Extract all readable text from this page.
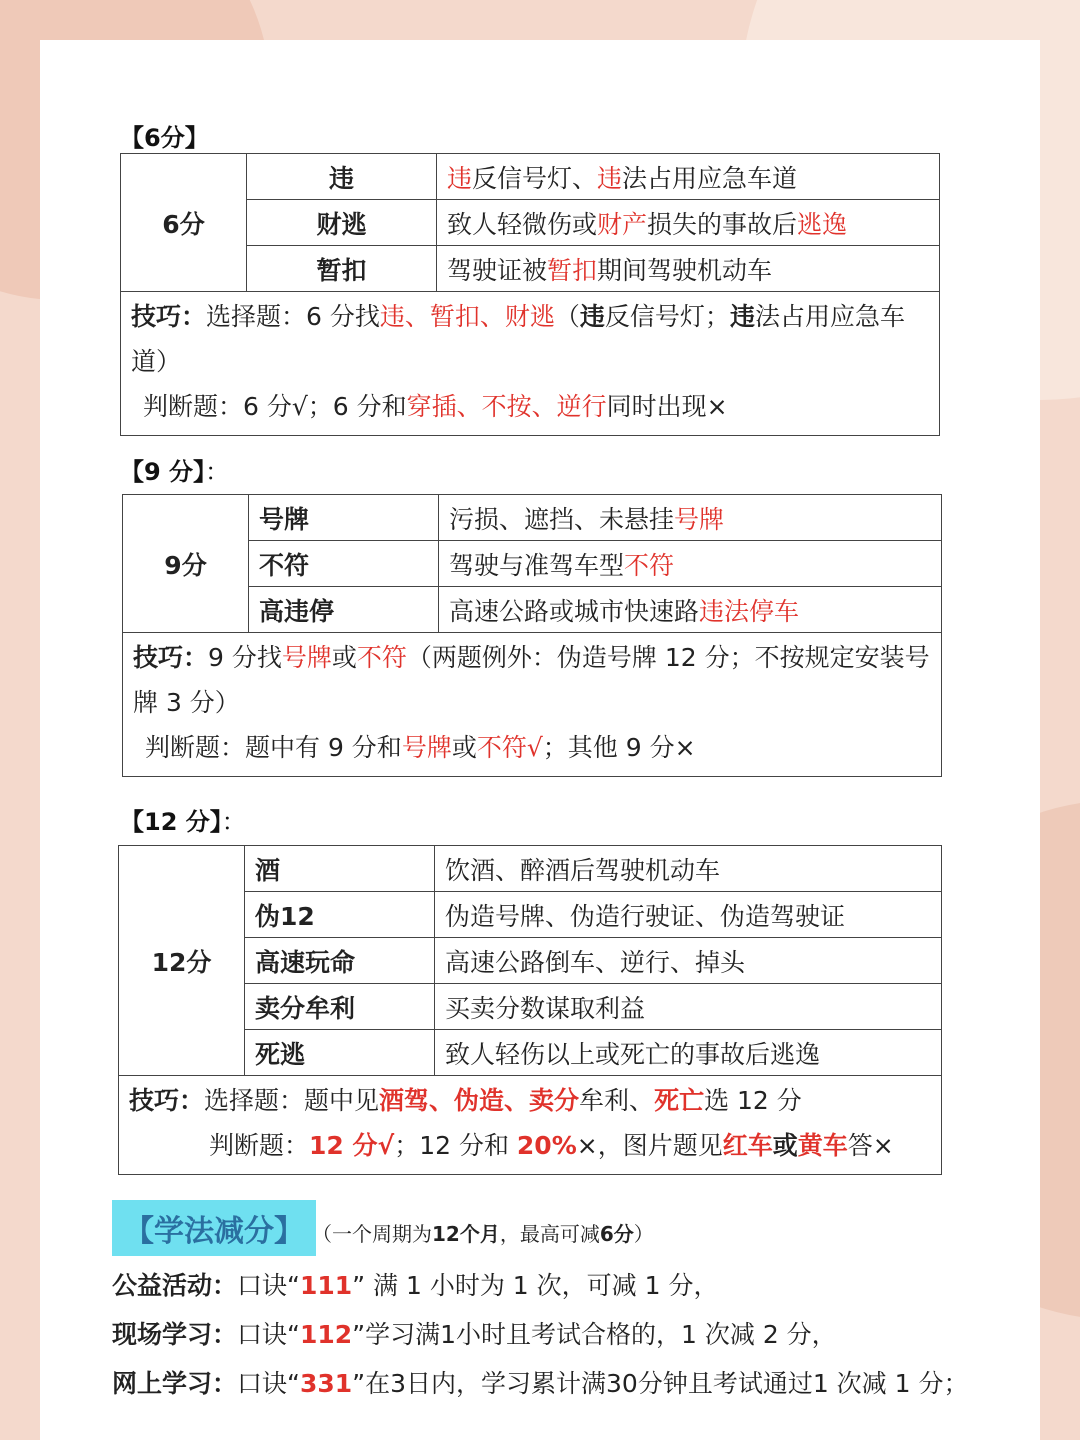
【6分】
6分	违	违反信号灯、违法占用应急车道
	财逃	致人轻微伤或财产损失的事故后逃逸
	暂扣	驾驶证被暂扣期间驾驶机动车

技巧：选择题：6 分找违、暂扣、财逃（违反信号灯；违法占用应急车道）
判断题：6 分√；6 分和穿插、不按、逆行同时出现×		
【9 分】：
9分	号牌	污损、遮挡、未悬挂号牌
	不符	驾驶与准驾车型不符
	高违停	高速公路或城市快速路违法停车

技巧：9 分找号牌或不符（两题例外：伪造号牌 12 分；不按规定安装号牌 3 分）
判断题：题中有 9 分和号牌或不符√；其他 9 分×		
【12 分】：
12分	酒	饮酒、醉酒后驾驶机动车
	伪12	伪造号牌、伪造行驶证、伪造驾驶证
	高速玩命	高速公路倒车、逆行、掉头
	卖分牟利	买卖分数谋取利益
	死逃	致人轻伤以上或死亡的事故后逃逸

技巧：选择题：题中见酒驾、伪造、卖分牟利、死亡选 12 分
判断题：12 分√；12 分和 20%×，图片题见红车或黄车答×		
【学法减分】 （一个周期为12个月，最高可减6分）
公益活动：口诀“111” 满 1 小时为 1 次，可减 1 分，
现场学习：口诀“112”学习满1小时且考试合格的，1 次减 2 分，
网上学习：口诀“331”在3日内，学习累计满30分钟且考试通过1 次减 1 分；
